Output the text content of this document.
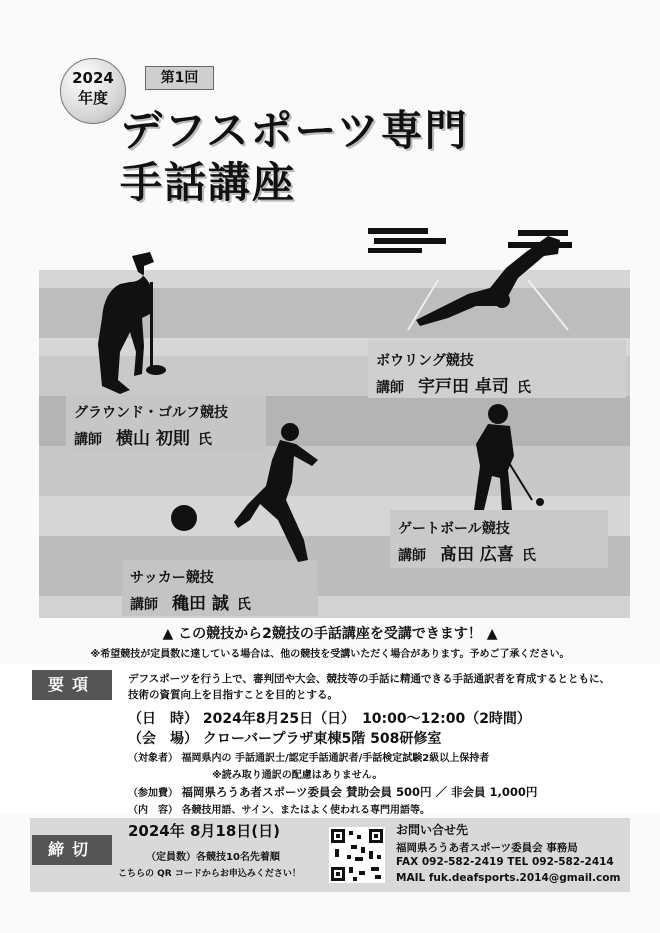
2024
年度
第1回
デフスポーツ専門
手話講座
ボウリング競技
講師 宇戸田 卓司 氏
グラウンド・ゴルフ競技
講師 横山 初則 氏
ゲートボール競技
講師 髙田 広喜 氏
サッカー競技
講師 穐田 誠 氏
▲ この競技から2競技の手話講座を受講できます！ ▲
※希望競技が定員数に達している場合は、他の競技を受講いただく場合があります。予めご了承ください。
要項	デフスポーツを行う上で、審判団や大会、競技等の手話に精通できる手話通訳者を育成するとともに、
技術の資質向上を目指すことを目的とする。
（日　時） 2024年8月25日（日）　10:00〜12:00（2時間）
（会　場） クローバープラザ東棟5階 508研修室
（対象者） 福岡県内の 手話通訳士/認定手話通訳者/手話検定試験2級以上保持者
※読み取り通訳の配慮はありません。
（参加費） 福岡県ろうあ者スポーツ委員会 賛助会員 500円 ／ 非会員 1,000円
（内　容） 各競技用語、サイン、またはよく使われる専門用語等。
締切
2024年 8月18日(日)
（定員数）各競技10名先着順
こちらの QR コードからお申込みください！
お問い合せ先
福岡県ろうあ者スポーツ委員会 事務局
FAX 092-582-2419 TEL 092-582-2414
MAIL fuk.deafsports.2014@gmail.com
